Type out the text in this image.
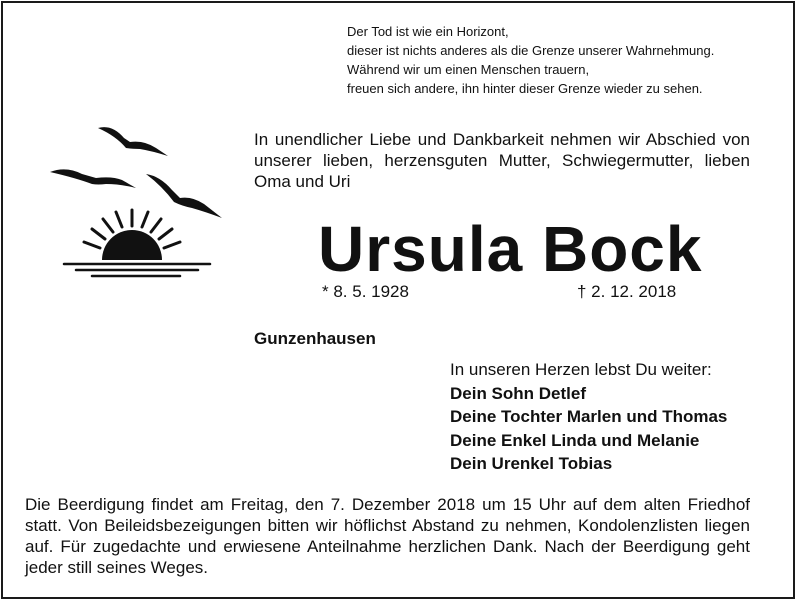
Der Tod ist wie ein Horizont,
dieser ist nichts anderes als die Grenze unserer Wahrnehmung.
Während wir um einen Menschen trauern,
freuen sich andere, ihn hinter dieser Grenze wieder zu sehen.
In unendlicher Liebe und Dankbarkeit nehmen wir Abschied von unserer lieben, herzensguten Mutter, Schwiegermutter, lieben Oma und Uri
Ursula Bock
* 8. 5. 1928	† 2. 12. 2018
Gunzenhausen
In unseren Herzen lebst Du weiter:
Dein Sohn Detlef
Deine Tochter Marlen und Thomas
Deine Enkel Linda und Melanie
Dein Urenkel Tobias
Die Beerdigung findet am Freitag, den 7. Dezember 2018 um 15 Uhr auf dem alten Friedhof statt. Von Beileidsbezeigungen bitten wir höflichst Abstand zu nehmen, Kondolenzlisten liegen auf. Für zugedachte und erwiesene Anteilnahme herzlichen Dank. Nach der Beerdigung geht jeder still seines Weges.
